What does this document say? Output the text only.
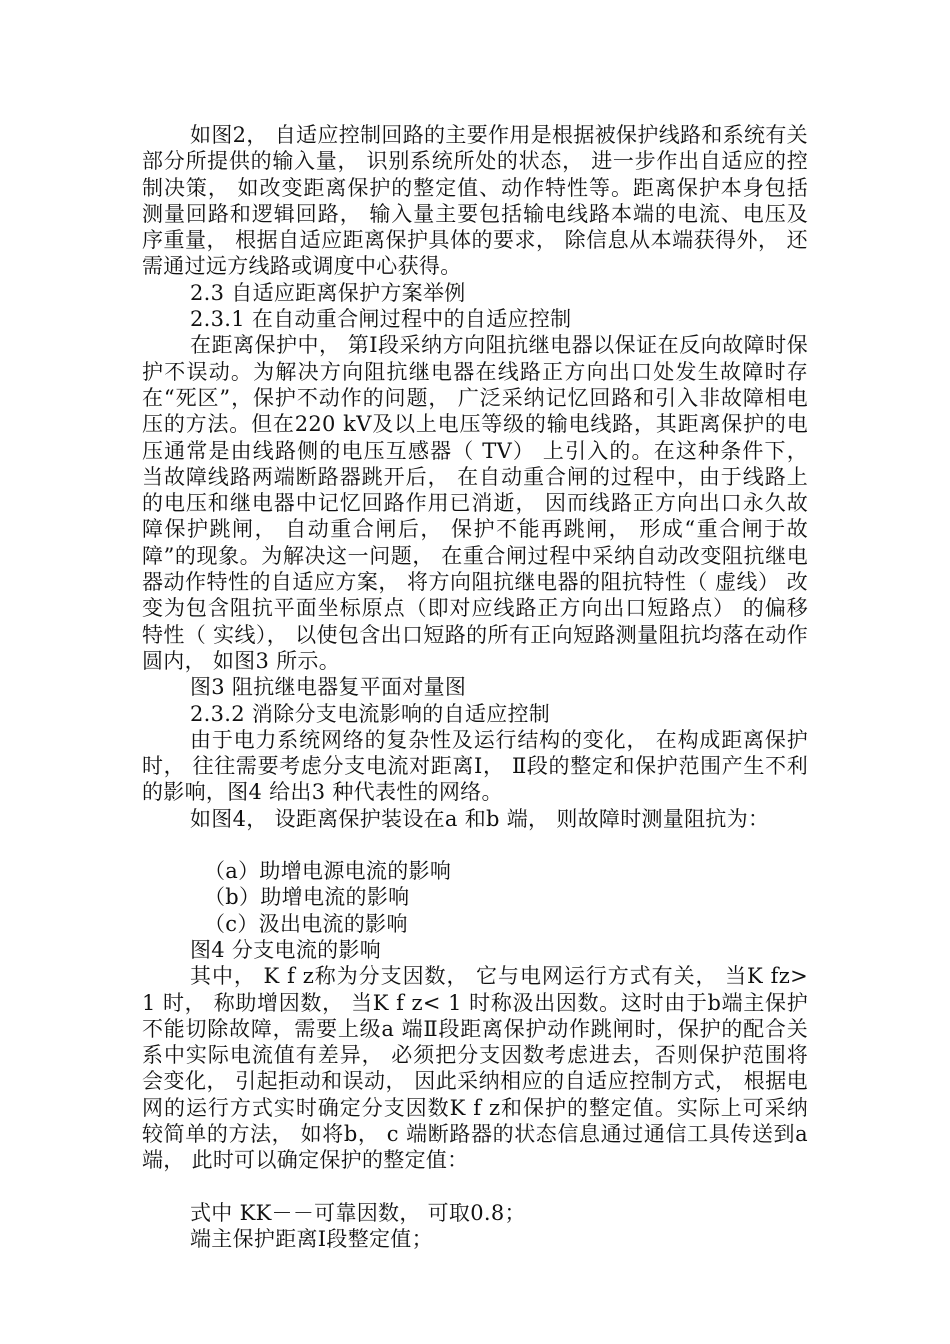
如图2， 自适应控制回路的主要作用是根据被保护线路和系统有关部分所提供的输入量， 识别系统所处的状态， 进一步作出自适应的控制决策， 如改变距离保护的整定值、动作特性等。距离保护本身包括测量回路和逻辑回路， 输入量主要包括输电线路本端的电流、电压及序重量， 根据自适应距离保护具体的要求， 除信息从本端获得外， 还需通过远方线路或调度中心获得。

2.3 自适应距离保护方案举例

2.3.1 在自动重合闸过程中的自适应控制

在距离保护中， 第Ⅰ段采纳方向阻抗继电器以保证在反向故障时保护不误动。为解决方向阻抗继电器在线路正方向出口处发生故障时存在“死区”，保护不动作的问题， 广泛采纳记忆回路和引入非故障相电压的方法。但在220 kV及以上电压等级的输电线路，其距离保护的电压通常是由线路侧的电压互感器（ TV） 上引入的。在这种条件下， 当故障线路两端断路器跳开后， 在自动重合闸的过程中，由于线路上的电压和继电器中记忆回路作用已消逝， 因而线路正方向出口永久故障保护跳闸， 自动重合闸后， 保护不能再跳闸， 形成“重合闸于故障”的现象。为解决这一问题， 在重合闸过程中采纳自动改变阻抗继电器动作特性的自适应方案， 将方向阻抗继电器的阻抗特性（ 虚线） 改变为包含阻抗平面坐标原点（即对应线路正方向出口短路点） 的偏移特性（ 实线）， 以使包含出口短路的所有正向短路测量阻抗均落在动作圆内， 如图3 所示。

图3 阻抗继电器复平面对量图

2.3.2 消除分支电流影响的自适应控制

由于电力系统网络的复杂性及运行结构的变化， 在构成距离保护时， 往往需要考虑分支电流对距离Ⅰ， Ⅱ段的整定和保护范围产生不利的影响，图4 给出3 种代表性的网络。

如图4， 设距离保护装设在a 和b 端， 则故障时测量阻抗为：

（a）助增电源电流的影响

（b）助增电流的影响

（c）汲出电流的影响

图4 分支电流的影响

其中， K f z称为分支因数， 它与电网运行方式有关， 当K fz> 1 时， 称助增因数， 当K f z< 1 时称汲出因数。这时由于b端主保护不能切除故障，需要上级a 端Ⅱ段距离保护动作跳闸时，保护的配合关系中实际电流值有差异， 必须把分支因数考虑进去，否则保护范围将会变化， 引起拒动和误动， 因此采纳相应的自适应控制方式， 根据电网的运行方式实时确定分支因数K f z和保护的整定值。实际上可采纳较简单的方法， 如将b， c 端断路器的状态信息通过通信工具传送到a 端， 此时可以确定保护的整定值：

式中 KK－－可靠因数， 可取0.8；

端主保护距离Ⅰ段整定值；
